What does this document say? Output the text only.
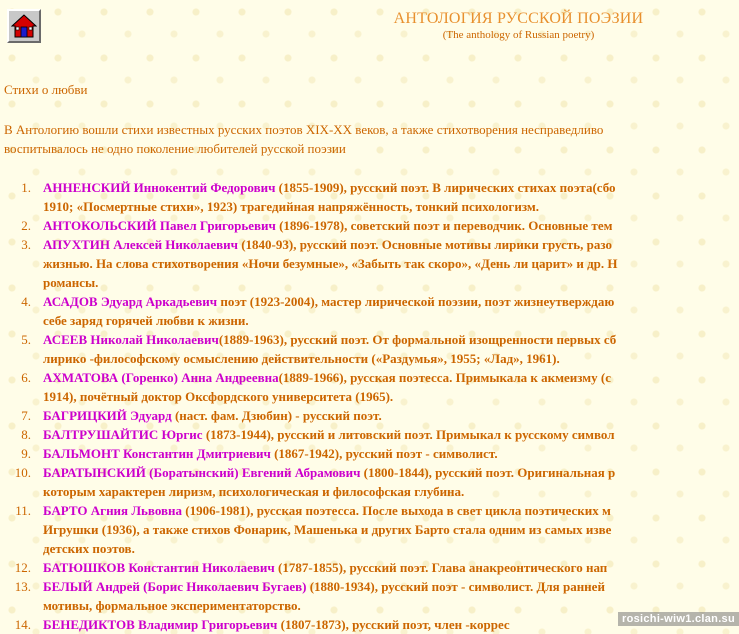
АНТОЛОГИЯ РУССКОЙ ПОЭЗИИ
(The anthology of Russian poetry)
Стихи о любви
В Антологию вошли стихи известных русских поэтов XIX-XX веков, а также стихотворения несправедливо
воспитывалось не одно поколение любителей русской поэзии
1. АННЕНСКИЙ Иннокентий Федорович (1855-1909), русский поэт. В лирических стихах поэта(сбо
1910; «Посмертные стихи», 1923) трагедийная напряжённость, тонкий психологизм.
2. АНТОКОЛЬСКИЙ Павел Григорьевич (1896-1978), советский поэт и переводчик. Основные тем
3. АПУХТИН Алексей Николаевич (1840-93), русский поэт. Основные мотивы лирики грусть, разо
жизнью. На слова стихотворения «Ночи безумные», «Забыть так скоро», «День ли царит» и др. Н
романсы.
4. АСАДОВ Эдуард Аркадьевич поэт (1923-2004), мастер лирической поэзии, поэт жизнеутверждаю
себе заряд горячей любви к жизни.
5. АСЕЕВ Николай Николаевич(1889-1963), русский поэт. От формальной изощренности первых сб
лирико -философскому осмыслению действительности («Раздумья», 1955; «Лад», 1961).
6. АХМАТОВА (Горенко) Анна Андреевна(1889-1966), русская поэтесса. Примыкала к акмеизму (с
1914), почётный доктор Оксфордского университета (1965).
7. БАГРИЦКИЙ Эдуард (наст. фам. Дзюбин) - русский поэт.
8. БАЛТРУШАЙТИС Юргис (1873-1944), русский и литовский поэт. Примыкал к русскому символ
9. БАЛЬМОНТ Константин Дмитриевич (1867-1942), русский поэт - символист.
10. БАРАТЫНСКИЙ (Боратынский) Евгений Абрамович (1800-1844), русский поэт. Оригинальная р
которым характерен лиризм, психологическая и философская глубина.
11. БАРТО Агния Львовна (1906-1981), русская поэтесса. После выхода в свет цикла поэтических м
Игрушки (1936), а также стихов Фонарик, Машенька и других Барто стала одним из самых изве
детских поэтов.
12. БАТЮШКОВ Константин Николаевич (1787-1855), русский поэт. Глава анакреонтического нап
13. БЕЛЫЙ Андрей (Борис Николаевич Бугаев) (1880-1934), русский поэт - символист. Для ранней
мотивы, формальное экспериментаторство.
14. БЕНЕДИКТОВ Владимир Григорьевич (1807-1873), русский поэт, член -коррес	rosichi-wiw1.clan.su
